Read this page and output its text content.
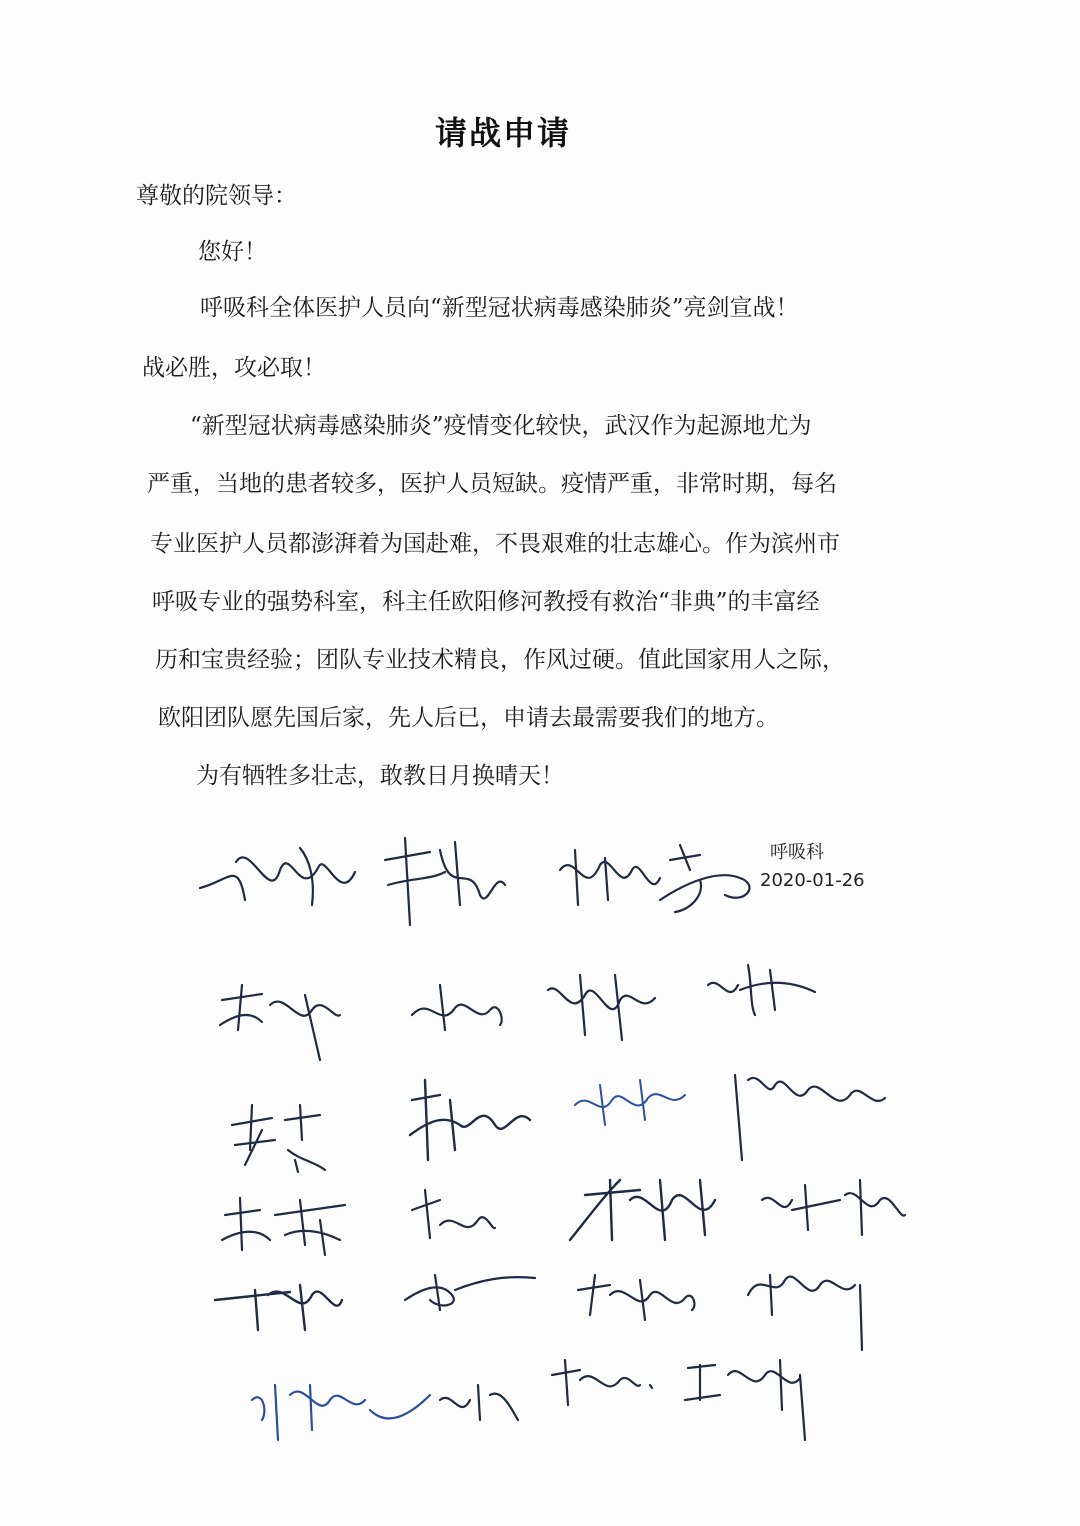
请战申请
尊敬的院领导：
您好！
呼吸科全体医护人员向“新型冠状病毒感染肺炎”亮剑宣战！
战必胜，攻必取！
“新型冠状病毒感染肺炎”疫情变化较快，武汉作为起源地尤为
严重，当地的患者较多，医护人员短缺。疫情严重，非常时期，每名
专业医护人员都澎湃着为国赴难，不畏艰难的壮志雄心。作为滨州市
呼吸专业的强势科室，科主任欧阳修河教授有救治“非典”的丰富经
历和宝贵经验；团队专业技术精良，作风过硬。值此国家用人之际，
欧阳团队愿先国后家，先人后已，申请去最需要我们的地方。
为有牺牲多壮志，敢教日月换晴天！
呼吸科
2020-01-26
